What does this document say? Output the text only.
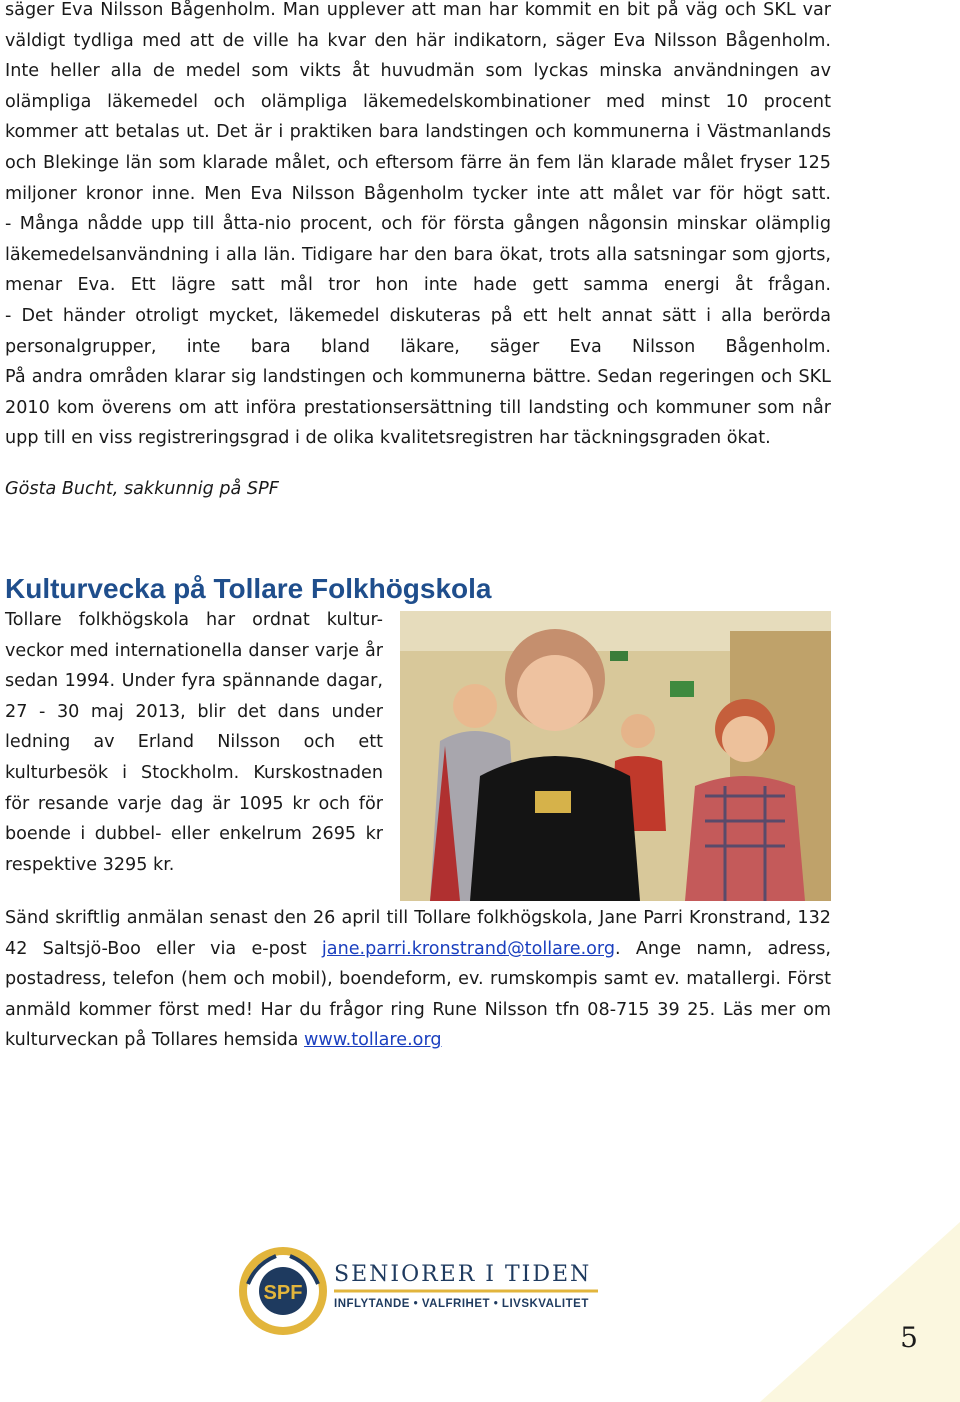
säger Eva Nilsson Bågenholm. Man upplever att man har kommit en bit på väg och SKL var
väldigt tydliga med att de ville ha kvar den här indikatorn, säger Eva Nilsson Bågenholm.
Inte heller alla de medel som vikts åt huvudmän som lyckas minska användningen av
olämpliga läkemedel och olämpliga läkemedelskombinationer med minst 10 procent
kommer att betalas ut. Det är i praktiken bara landstingen och kommunerna i Västmanlands
och Blekinge län som klarade målet, och eftersom färre än fem län klarade målet fryser 125
miljoner kronor inne. Men Eva Nilsson Bågenholm tycker inte att målet var för högt satt.
- Många nådde upp till åtta-nio procent, och för första gången någonsin minskar olämplig
läkemedelsanvändning i alla län. Tidigare har den bara ökat, trots alla satsningar som gjorts,
menar Eva. Ett lägre satt mål tror hon inte hade gett samma energi åt frågan.
- Det händer otroligt mycket, läkemedel diskuteras på ett helt annat sätt i alla berörda
personalgrupper, inte bara bland läkare, säger Eva Nilsson Bågenholm.
På andra områden klarar sig landstingen och kommunerna bättre. Sedan regeringen och SKL
2010 kom överens om att införa prestationsersättning till landsting och kommuner som når
upp till en viss registreringsgrad i de olika kvalitetsregistren har täckningsgraden ökat.

Gösta Bucht, sakkunnig på SPF

Kulturvecka på Tollare Folkhögskola
Tollare folkhögskola har ordnat kultur-
veckor med internationella danser varje år
sedan 1994. Under fyra spännande dagar,
27 - 30 maj 2013, blir det dans under
ledning av Erland Nilsson och ett
kulturbesök i Stockholm. Kurskostnaden
för resande varje dag är 1095 kr och för
boende i dubbel- eller enkelrum 2695 kr
respektive 3295 kr.
Sänd skriftlig anmälan senast den 26 april till Tollare folkhögskola, Jane Parri Kronstrand, 132
42 Saltsjö-Boo eller via e-post jane.parri.kronstrand@tollare.org. Ange namn, adress,
postadress, telefon (hem och mobil), boendeform, ev. rumskompis samt ev. matallergi. Först
anmäld kommer först med! Har du frågor ring Rune Nilsson tfn 08-715 39 25. Läs mer om
kulturveckan på Tollares hemsida www.tollare.org
SPF
SENIORER I TIDEN
INFLYTANDE • VALFRIHET • LIVSKVALITET
5
